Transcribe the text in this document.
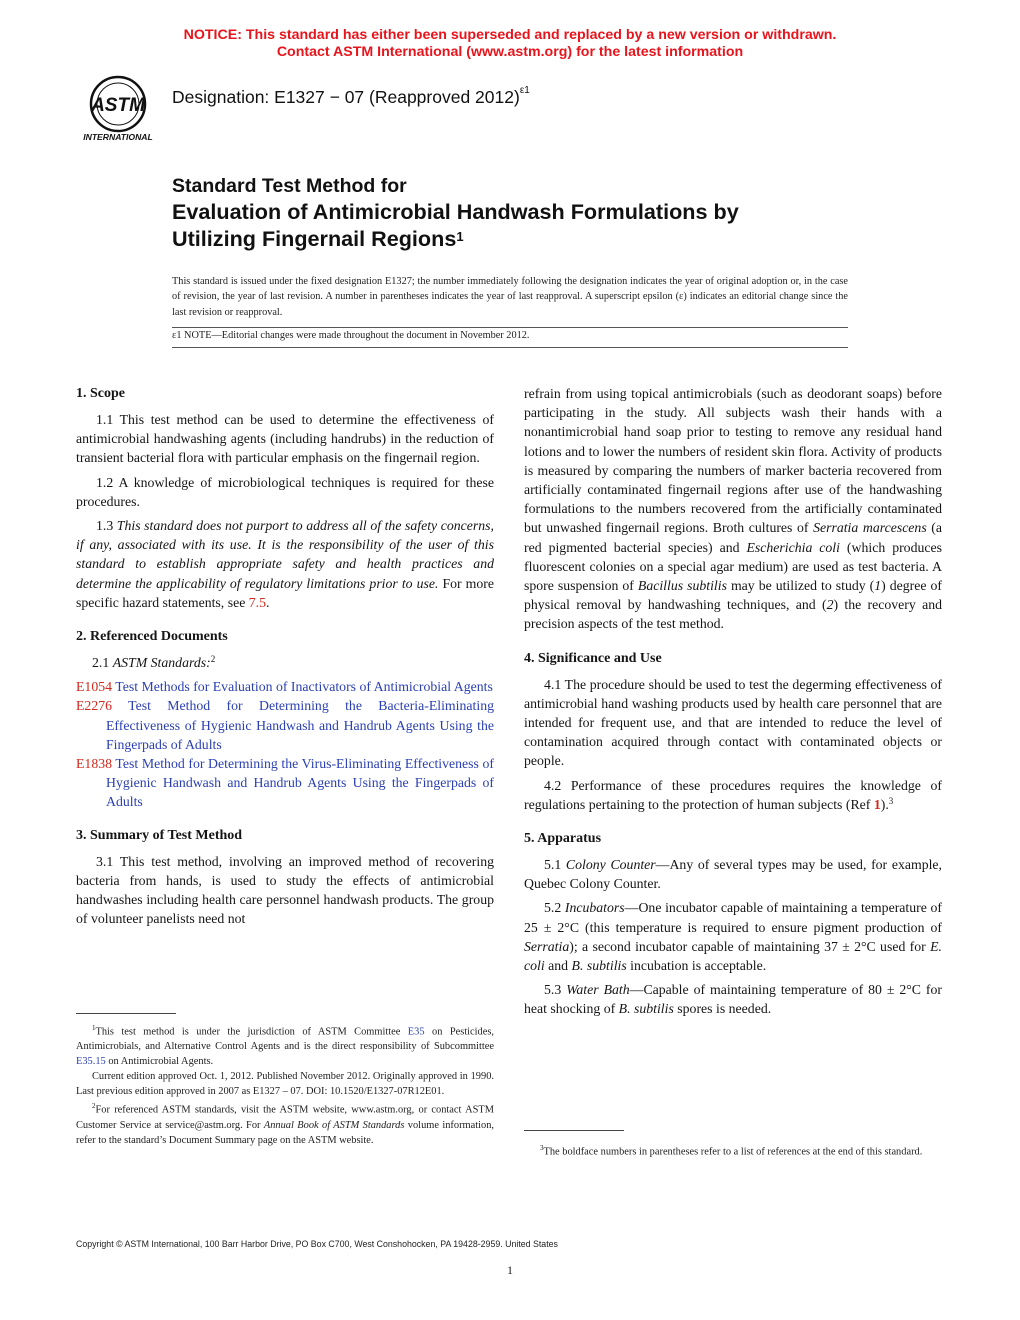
NOTICE: This standard has either been superseded and replaced by a new version or withdrawn.
Contact ASTM International (www.astm.org) for the latest information
ASTM
INTERNATIONAL
Designation: E1327 − 07 (Reapproved 2012)$^{\varepsilon 1}$
Standard Test Method for
Evaluation of Antimicrobial Handwash Formulations by
Utilizing Fingernail Regions$^1$

This standard is issued under the fixed designation E1327; the number immediately following the designation indicates the year of original adoption or, in the case of revision, the year of last revision. A number in parentheses indicates the year of last reapproval. A superscript epsilon (ε) indicates an editorial change since the last revision or reapproval.

ε1 NOTE—Editorial changes were made throughout the document in November 2012.
1. Scope

1.1 This test method can be used to determine the effectiveness of antimicrobial handwashing agents (including handrubs) in the reduction of transient bacterial flora with particular emphasis on the fingernail region.

1.2 A knowledge of microbiological techniques is required for these procedures.

1.3 This standard does not purport to address all of the safety concerns, if any, associated with its use. It is the responsibility of the user of this standard to establish appropriate safety and health practices and determine the applicability of regulatory limitations prior to use. For more specific hazard statements, see 7.5.

2. Referenced Documents

2.1 ASTM Standards:$^2$

E1054 Test Methods for Evaluation of Inactivators of Antimicrobial Agents
E2276 Test Method for Determining the Bacteria-Eliminating Effectiveness of Hygienic Handwash and Handrub Agents Using the Fingerpads of Adults
E1838 Test Method for Determining the Virus-Eliminating Effectiveness of Hygienic Handwash and Handrub Agents Using the Fingerpads of Adults
3. Summary of Test Method

3.1 This test method, involving an improved method of recovering bacteria from hands, is used to study the effects of antimicrobial handwashes including health care personnel handwash products. The group of volunteer panelists need not

$^1$This test method is under the jurisdiction of ASTM Committee E35 on Pesticides, Antimicrobials, and Alternative Control Agents and is the direct responsibility of Subcommittee E35.15 on Antimicrobial Agents.

Current edition approved Oct. 1, 2012. Published November 2012. Originally approved in 1990. Last previous edition approved in 2007 as E1327 – 07. DOI: 10.1520/E1327-07R12E01.

$^2$For referenced ASTM standards, visit the ASTM website, www.astm.org, or contact ASTM Customer Service at service@astm.org. For Annual Book of ASTM Standards volume information, refer to the standard’s Document Summary page on the ASTM website.

refrain from using topical antimicrobials (such as deodorant soaps) before participating in the study. All subjects wash their hands with a nonantimicrobial hand soap prior to testing to remove any residual hand lotions and to lower the numbers of resident skin flora. Activity of products is measured by comparing the numbers of marker bacteria recovered from artificially contaminated fingernail regions after use of the handwashing formulations to the numbers recovered from the artificially contaminated but unwashed fingernail regions. Broth cultures of Serratia marcescens (a red pigmented bacterial species) and Escherichia coli (which produces fluorescent colonies on a special agar medium) are used as test bacteria. A spore suspension of Bacillus subtilis may be utilized to study (1) degree of physical removal by handwashing techniques, and (2) the recovery and precision aspects of the test method.

4. Significance and Use

4.1 The procedure should be used to test the degerming effectiveness of antimicrobial hand washing products used by health care personnel that are intended for frequent use, and that are intended to reduce the level of contamination acquired through contact with contaminated objects or people.

4.2 Performance of these procedures requires the knowledge of regulations pertaining to the protection of human subjects (Ref 1).$^3$

5. Apparatus

5.1 Colony Counter—Any of several types may be used, for example, Quebec Colony Counter.

5.2 Incubators—One incubator capable of maintaining a temperature of 25 ± 2°C (this temperature is required to ensure pigment production of Serratia); a second incubator capable of maintaining 37 ± 2°C used for E. coli and B. subtilis incubation is acceptable.

5.3 Water Bath—Capable of maintaining temperature of 80 ± 2°C for heat shocking of B. subtilis spores is needed.

$^3$The boldface numbers in parentheses refer to a list of references at the end of this standard.

Copyright © ASTM International, 100 Barr Harbor Drive, PO Box C700, West Conshohocken, PA 19428-2959. United States
1
